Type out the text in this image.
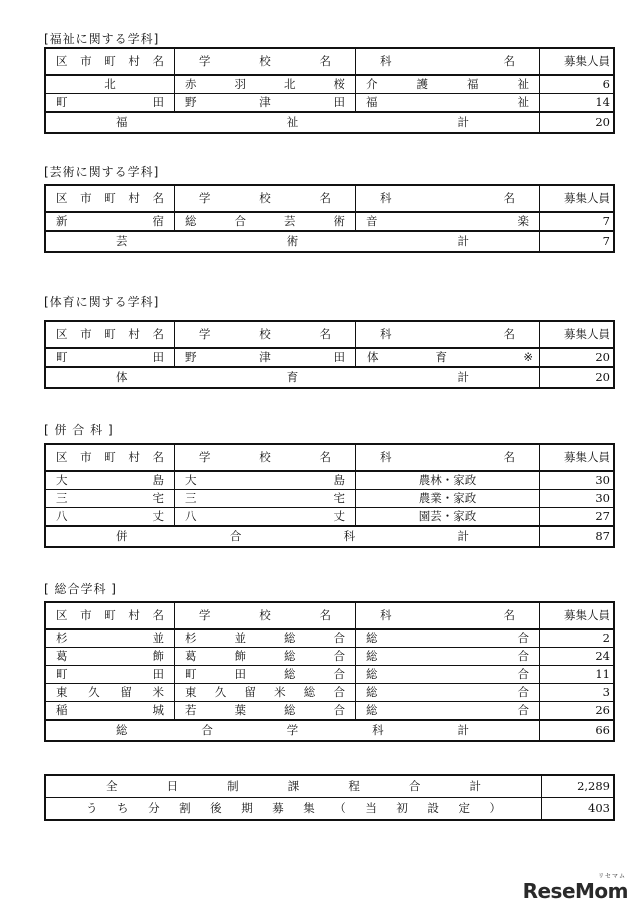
[福祉に関する学科]
区市町村名	学校名	科名	募集人員
北	赤羽北桜	介護福祉	6
町田	野津田	福祉	14
福祉計			20
[芸術に関する学科]
区市町村名	学校名	科名	募集人員
新宿	総合芸術	音楽	7
芸術計			7
[体育に関する学科]
区市町村名	学校名	科名	募集人員
町田	野津田	体育 ※	20
体育計			20
[ 併 合 科 ]
区市町村名	学校名	科名	募集人員
大島	大島	農林・家政	30
三宅	三宅	農業・家政	30
八丈	八丈	園芸・家政	27
併合科計			87
[ 総合学科 ]
区市町村名	学校名	科名	募集人員
杉並	杉並総合	総合	2
葛飾	葛飾総合	総合	24
町田	町田総合	総合	11
東久留米	東久留米総合	総合	3
稲城	若葉総合	総合	26
総合学科計			66
全日制課程合計	2,289
うち分割後期募集（当初設定）	403
リセマム
ReseMom
